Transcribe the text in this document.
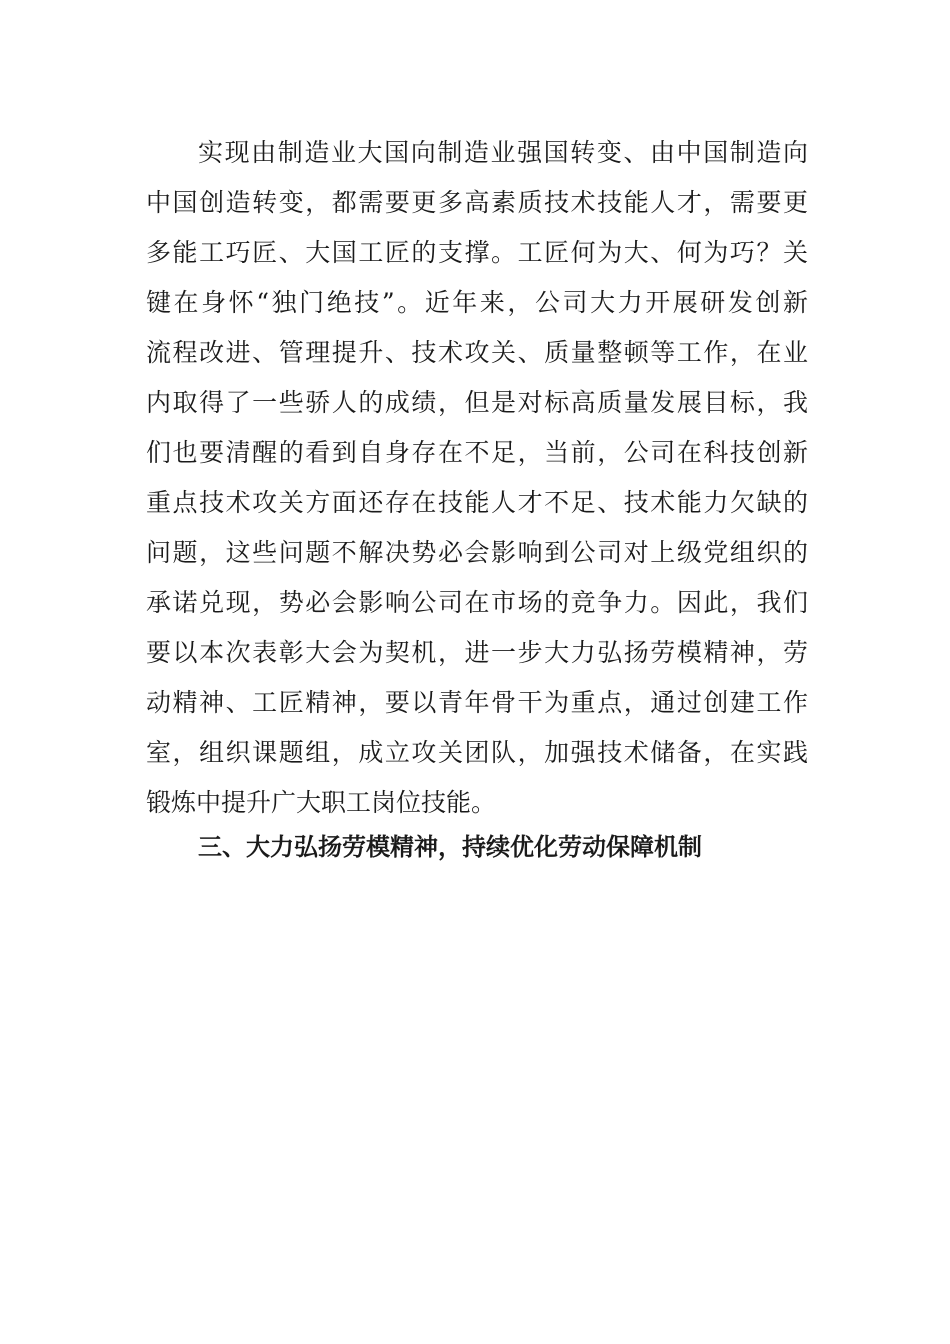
实现由制造业大国向制造业强国转变、由中国制造向
中国创造转变，都需要更多高素质技术技能人才，需要更
多能工巧匠、大国工匠的支撑。工匠何为大、何为巧？关
键在身怀“独门绝技”。近年来，公司大力开展研发创新
流程改进、管理提升、技术攻关、质量整顿等工作，在业
内取得了一些骄人的成绩，但是对标高质量发展目标，我
们也要清醒的看到自身存在不足，当前，公司在科技创新
重点技术攻关方面还存在技能人才不足、技术能力欠缺的
问题，这些问题不解决势必会影响到公司对上级党组织的
承诺兑现，势必会影响公司在市场的竞争力。因此，我们
要以本次表彰大会为契机，进一步大力弘扬劳模精神，劳
动精神、工匠精神，要以青年骨干为重点，通过创建工作
室，组织课题组，成立攻关团队，加强技术储备，在实践
锻炼中提升广大职工岗位技能。
三、大力弘扬劳模精神，持续优化劳动保障机制
